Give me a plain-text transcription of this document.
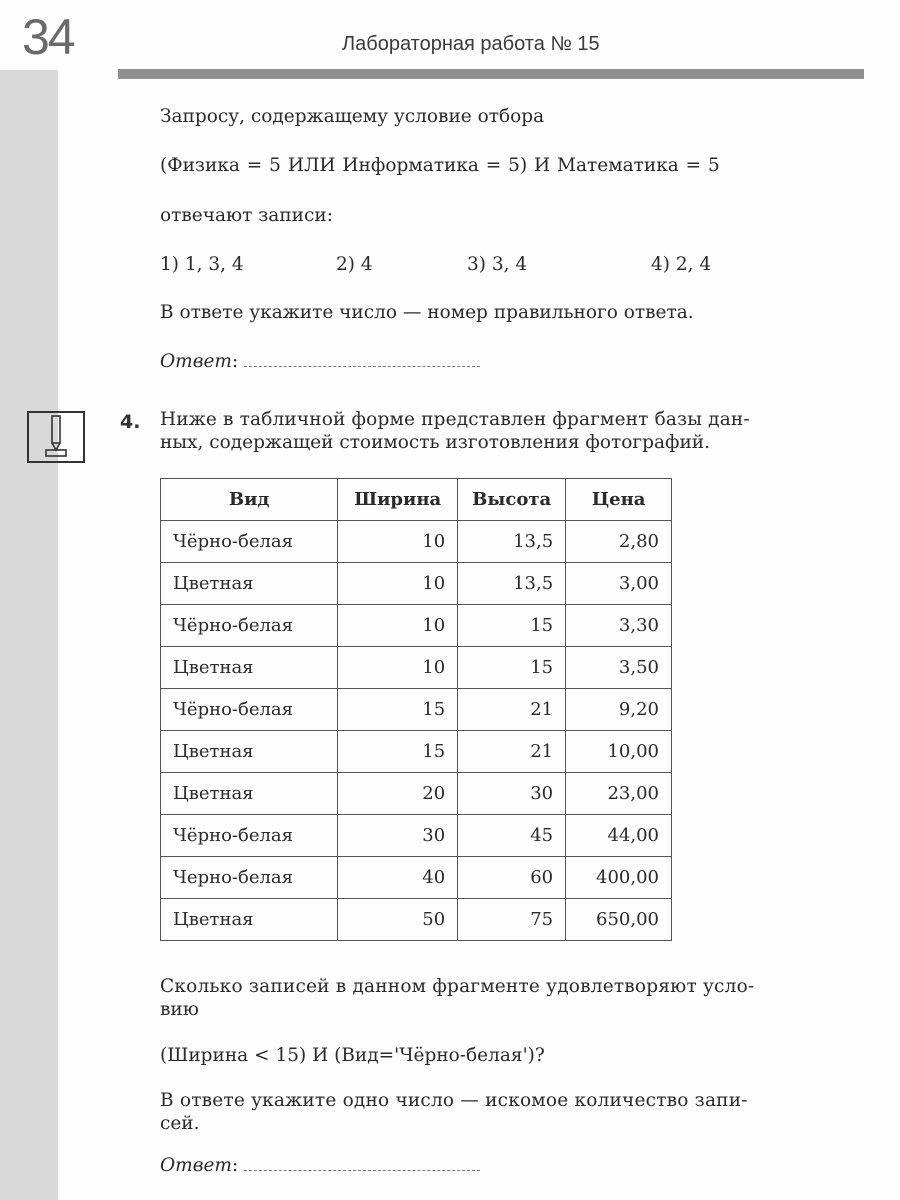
34	Лабораторная работа № 15
Запросу, содержащему условие отбора
(Физика = 5 ИЛИ Информатика = 5) И Математика = 5
отвечают записи:
1) 1, 3, 4	2) 4	3) 3, 4	4) 2, 4
В ответе укажите число — номер правильного ответа.
Ответ:
4. Ниже в табличной форме представлен фрагмент базы дан-
ных, содержащей стоимость изготовления фотографий.
Вид	Ширина	Высота	Цена
Чёрно-белая	10	13,5	2,80
Цветная	10	13,5	3,00
Чёрно-белая	10	15	3,30
Цветная	10	15	3,50
Чёрно-белая	15	21	9,20
Цветная	15	21	10,00
Цветная	20	30	23,00
Чёрно-белая	30	45	44,00
Черно-белая	40	60	400,00
Цветная	50	75	650,00
Сколько записей в данном фрагменте удовлетворяют усло-
вию
(Ширина < 15) И (Вид='Чёрно-белая')?
В ответе укажите одно число — искомое количество запи-
сей.
Ответ:
